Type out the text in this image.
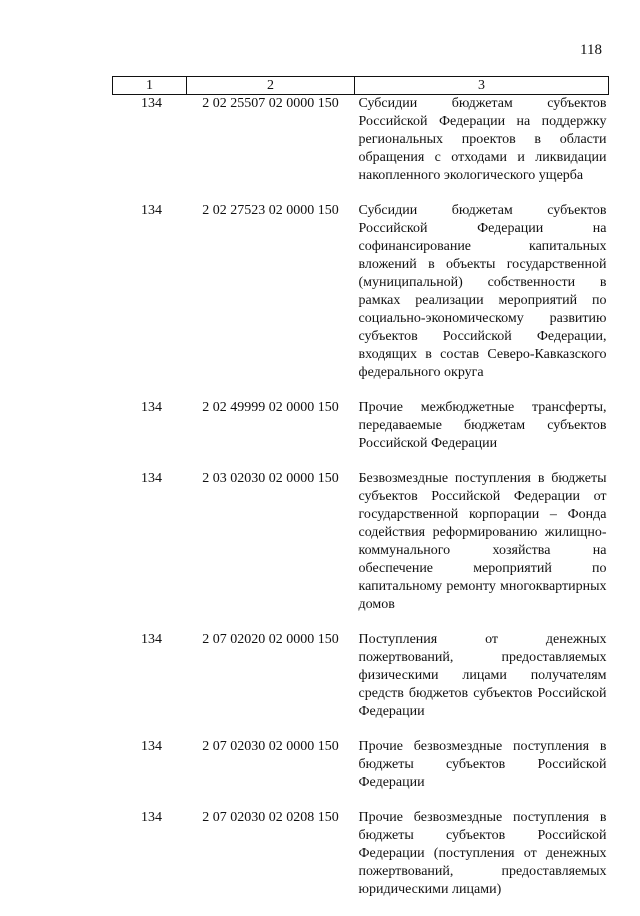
118
1	2	3
134	2 02 25507 02 0000 150	Субсидии бюджетам субъектов Российской Федерации на поддержку региональных проектов в области обращения с отходами и ликвидации накопленного экологического ущерба
134	2 02 27523 02 0000 150	Субсидии бюджетам субъектов Российской Федерации на софинансирование капитальных вложений в объекты государственной (муниципальной) собственности в рамках реализации мероприятий по социально-экономическому развитию субъектов Российской Федерации, входящих в состав Северо-Кавказского федерального округа
134	2 02 49999 02 0000 150	Прочие межбюджетные трансферты, передаваемые бюджетам субъектов Российской Федерации
134	2 03 02030 02 0000 150	Безвозмездные поступления в бюджеты субъектов Российской Федерации от государственной корпорации – Фонда содействия реформированию жилищно-коммунального хозяйства на обеспечение мероприятий по капитальному ремонту многоквартирных домов
134	2 07 02020 02 0000 150	Поступления от денежных пожертвований, предоставляемых физическими лицами получателям средств бюджетов субъектов Российской Федерации
134	2 07 02030 02 0000 150	Прочие безвозмездные поступления в бюджеты субъектов Российской Федерации
134	2 07 02030 02 0208 150	Прочие безвозмездные поступления в бюджеты субъектов Российской Федерации (поступления от денежных пожертвований, предоставляемых юридическими лицами)
